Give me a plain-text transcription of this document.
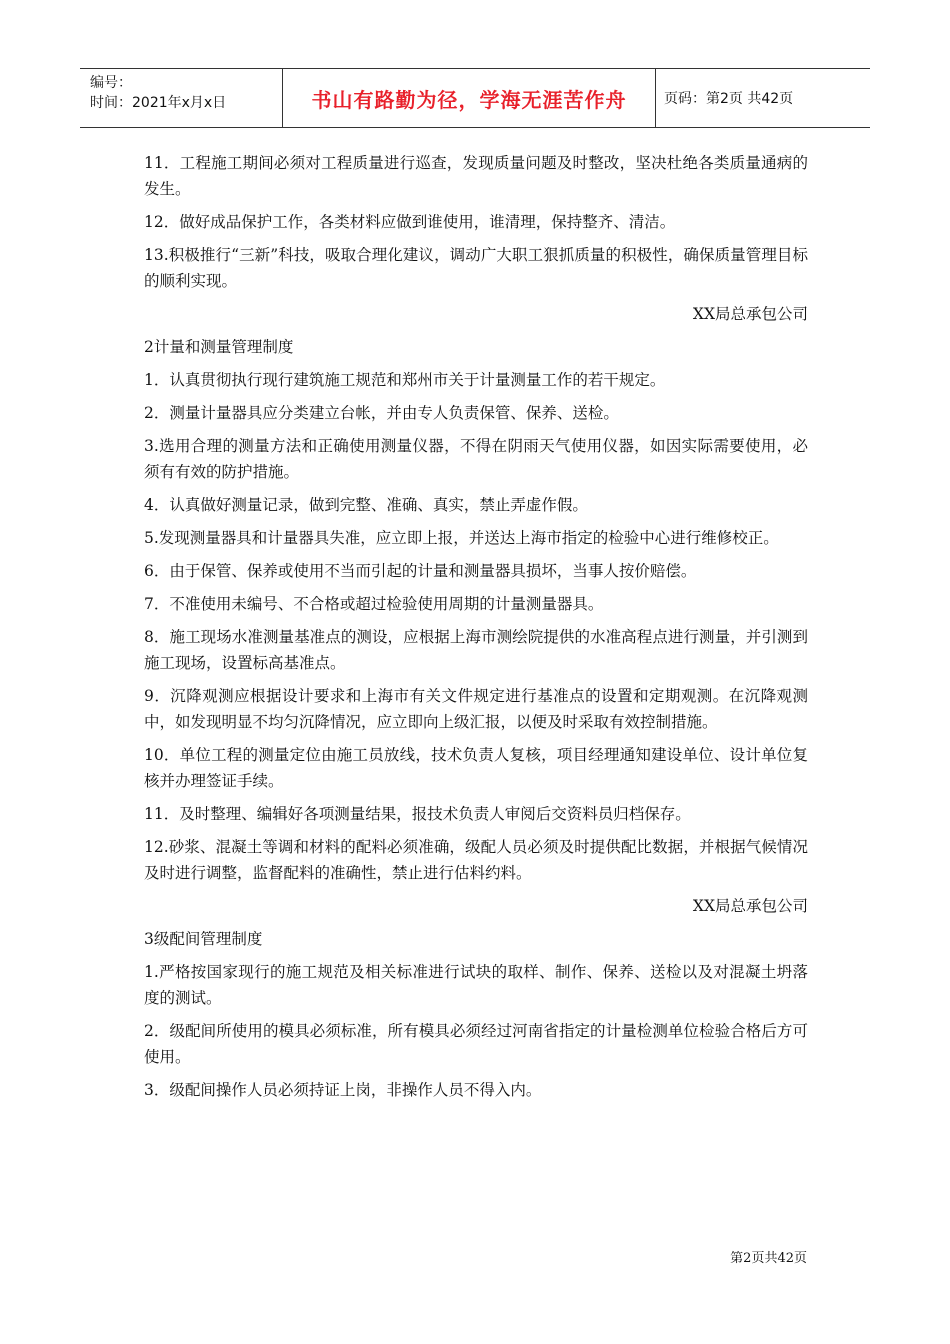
编号：
时间：2021年x月x日	书山有路勤为径，学海无涯苦作舟	页码：第2页 共42页

11．工程施工期间必须对工程质量进行巡查，发现质量问题及时整改，坚决杜绝各类质量通病的发生。

12．做好成品保护工作，各类材料应做到谁使用，谁清理，保持整齐、清洁。

13.积极推行“三新”科技，吸取合理化建议，调动广大职工狠抓质量的积极性，确保质量管理目标的顺利实现。

XX局总承包公司

2计量和测量管理制度

1．认真贯彻执行现行建筑施工规范和郑州市关于计量测量工作的若干规定。

2．测量计量器具应分类建立台帐，并由专人负责保管、保养、送检。

3.选用合理的测量方法和正确使用测量仪器，不得在阴雨天气使用仪器，如因实际需要使用，必须有有效的防护措施。

4．认真做好测量记录，做到完整、准确、真实，禁止弄虚作假。

5.发现测量器具和计量器具失准，应立即上报，并送达上海市指定的检验中心进行维修校正。

6．由于保管、保养或使用不当而引起的计量和测量器具损坏，当事人按价赔偿。

7．不准使用未编号、不合格或超过检验使用周期的计量测量器具。

8．施工现场水准测量基准点的测设，应根据上海市测绘院提供的水准高程点进行测量，并引测到施工现场，设置标高基准点。

9．沉降观测应根据设计要求和上海市有关文件规定进行基准点的设置和定期观测。在沉降观测中，如发现明显不均匀沉降情况，应立即向上级汇报，以便及时采取有效控制措施。

10．单位工程的测量定位由施工员放线，技术负责人复核，项目经理通知建设单位、设计单位复核并办理签证手续。

11．及时整理、编辑好各项测量结果，报技术负责人审阅后交资料员归档保存。

12.砂浆、混凝土等调和材料的配料必须准确，级配人员必须及时提供配比数据，并根据气候情况及时进行调整，监督配料的准确性，禁止进行估料约料。

XX局总承包公司

3级配间管理制度

1.严格按国家现行的施工规范及相关标准进行试块的取样、制作、保养、送检以及对混凝土坍落度的测试。

2．级配间所使用的模具必须标准，所有模具必须经过河南省指定的计量检测单位检验合格后方可使用。

3．级配间操作人员必须持证上岗，非操作人员不得入内。

第2页共42页
